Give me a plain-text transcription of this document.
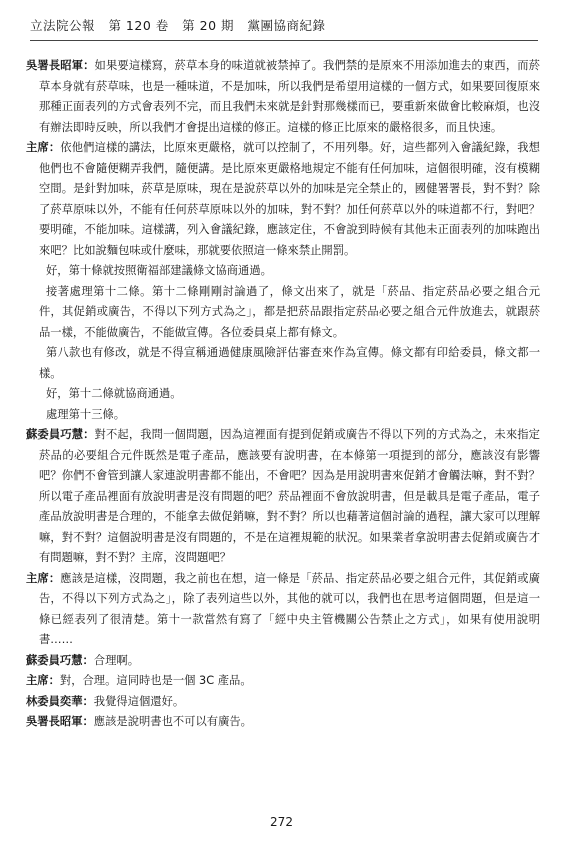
立法院公報 第 120 卷 第 20 期 黨團協商紀錄

吳署長昭軍：如果要這樣寫，菸草本身的味道就被禁掉了。我們禁的是原來不用添加進去的東西，而菸草本身就有菸草味，也是一種味道，不是加味，所以我們是希望用這樣的一個方式，如果要回復原來那種正面表列的方式會表列不完，而且我們未來就是針對那幾樣而已，要重新來做會比較麻煩，也沒有辦法即時反映，所以我們才會提出這樣的修正。這樣的修正比原來的嚴格很多，而且快速。

主席：依他們這樣的講法，比原來更嚴格，就可以控制了，不用列舉。好，這些都列入會議紀錄，我想他們也不會隨便糊弄我們，隨便講。是比原來更嚴格地規定不能有任何加味，這個很明確，沒有模糊空間。是針對加味，菸草是原味，現在是說菸草以外的加味是完全禁止的，國健署署長，對不對？除了菸草原味以外，不能有任何菸草原味以外的加味，對不對？加任何菸草以外的味道都不行，對吧？要明確，不能加味。這樣講，列入會議紀錄，應該定住，不會說到時候有其他未正面表列的加味跑出來吧？比如說麵包味或什麼味，那就要依照這一條來禁止開罰。

好，第十條就按照衛福部建議條文協商通過。

接著處理第十二條。第十二條剛剛討論過了，條文出來了，就是「菸品、指定菸品必要之組合元件，其促銷或廣告，不得以下列方式為之」，都是把菸品跟指定菸品必要之組合元件放進去，就跟菸品一樣，不能做廣告，不能做宣傳。各位委員桌上都有條文。

第八款也有修改，就是不得宣稱通過健康風險評估審查來作為宣傳。條文都有印給委員，條文都一樣。

好，第十二條就協商通過。

處理第十三條。

蘇委員巧慧：對不起，我問一個問題，因為這裡面有提到促銷或廣告不得以下列的方式為之，未來指定菸品的必要組合元件既然是電子產品，應該要有說明書，在本條第一項提到的部分，應該沒有影響吧？你們不會管到讓人家連說明書都不能出，不會吧？因為是用說明書來促銷才會觸法嘛，對不對？所以電子產品裡面有放說明書是沒有問題的吧？菸品裡面不會放說明書，但是載具是電子產品，電子產品放說明書是合理的，不能拿去做促銷嘛，對不對？所以也藉著這個討論的過程，讓大家可以理解嘛，對不對？這個說明書是沒有問題的，不是在這裡規範的狀況。如果業者拿說明書去促銷或廣告才有問題嘛，對不對？主席，沒問題吧？

主席：應該是這樣，沒問題，我之前也在想，這一條是「菸品、指定菸品必要之組合元件，其促銷或廣告，不得以下列方式為之」，除了表列這些以外，其他的就可以，我們也在思考這個問題，但是這一條已經表列了很清楚。第十一款當然有寫了「經中央主管機關公告禁止之方式」，如果有使用說明書……

蘇委員巧慧：合理啊。

主席：對，合理。這同時也是一個 3C 產品。

林委員奕華：我覺得這個還好。

吳署長昭軍：應該是說明書也不可以有廣告。

272
